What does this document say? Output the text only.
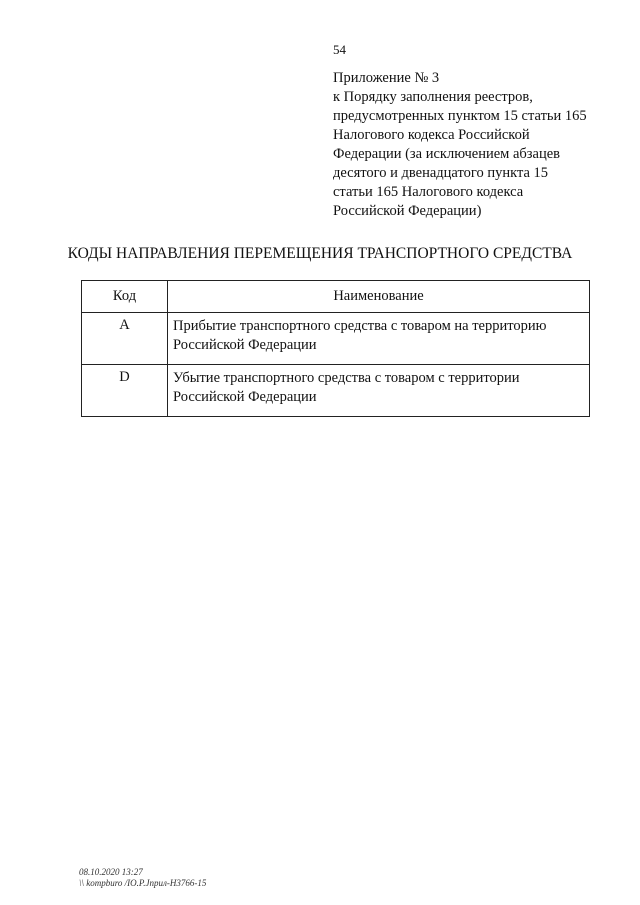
54
Приложение № 3
к Порядку заполнения реестров,
предусмотренных пунктом 15 статьи 165
Налогового кодекса Российской
Федерации (за исключением абзацев
десятого и двенадцатого пункта 15
статьи 165 Налогового кодекса
Российской Федерации)
КОДЫ НАПРАВЛЕНИЯ ПЕРЕМЕЩЕНИЯ ТРАНСПОРТНОГО СРЕДСТВА
Код	Наименование
A	Прибытие транспортного средства с товаром на территорию Российской Федерации
D	Убытие транспортного средства с товаром с территории Российской Федерации
08.10.2020 13:27
\\ kompburo /IO.P.Jnpuл-H3766-15
